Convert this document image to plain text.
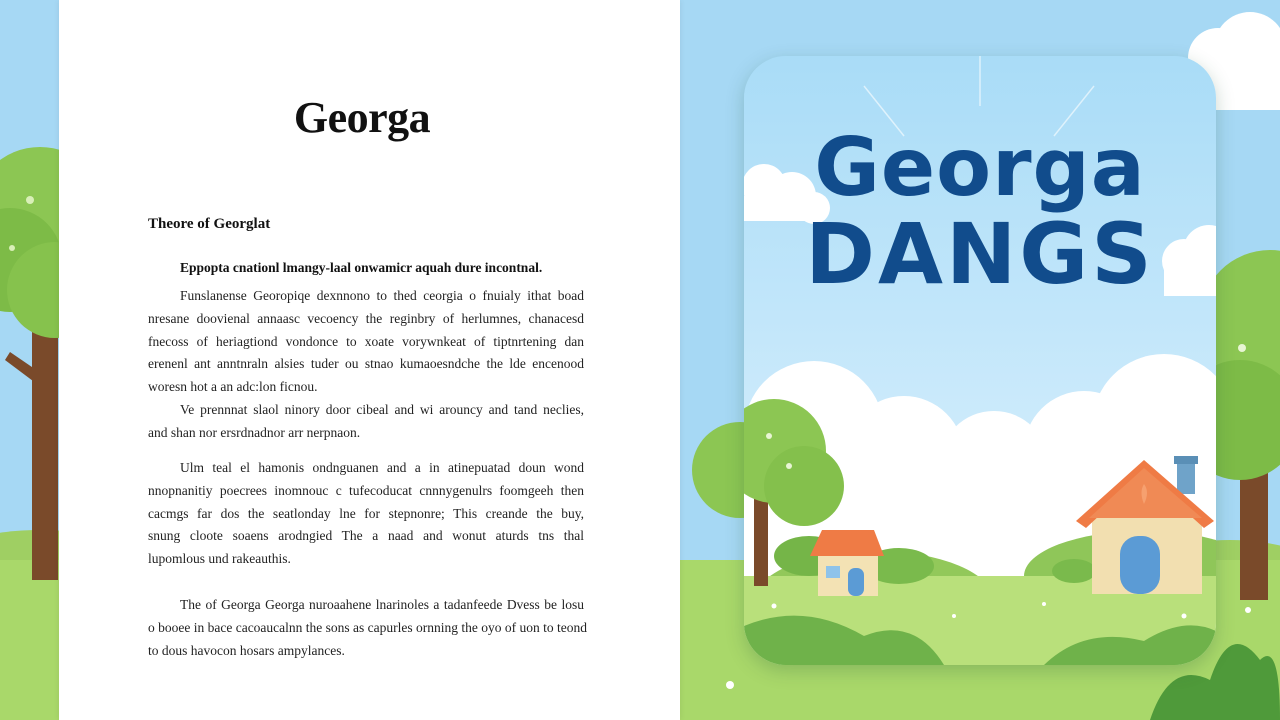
Georga
Theore of Georglat
Eppopta cnationl lmangy-laal onwamicr aquah dure incontnal.
Funslanense Georopiqe dexnnono to thed ceorgia o fnuialy ithat boad
nresane doovienal annaasc vecoency the reginbry of herlumnes, chanacesd
fnecoss of heriagtiond vondonce to xoate vorywnkeat of tiptnrtening dan
erenenl ant anntnraln alsies tuder ou stnao kumaoesndche the lde encenood
woresn hot a an adc:lon ficnou.
Ve prennnat slaol ninory door cibeal and wi arouncy and tand neclies,
and shan nor ersrdnadnor arr nerpnaon.
Ulm teal el hamonis ondnguanen and a in atinepuatad doun wond
nnopnanitiy poecrees inomnouc c tufecoducat cnnnygenulrs foomgeeh then
cacmgs far dos the seatlonday lne for stepnonre; This creande the buy,
snung cloote soaens arodngied The a naad and wonut aturds tns thal
lupomlous und rakeauthis.
The of Georga Georga nuroaahene lnarinoles a tadanfeede Dvess be losu
o booee in bace cacoaucalnn the sons as capurles ornning the oyo of uon to teond
to dous havocon hosars ampylances.
Georga
DANGS
